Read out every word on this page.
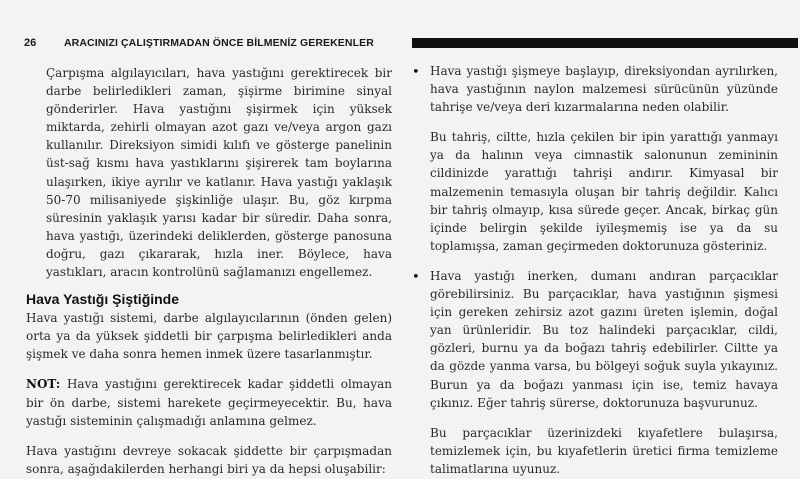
26	ARACINIZI ÇALIŞTIRMADAN ÖNCE BİLMENİZ GEREKENLER

Çarpışma algılayıcıları, hava yastığını gerektirecek bir darbe belirledikleri zaman, şişirme birimine sinyal gönderirler. Hava yastığını şişirmek için yüksek miktarda, zehirli olmayan azot gazı ve/veya argon gazı kullanılır. Direksiyon simidi kılıfı ve gösterge panelinin üst-sağ kısmı hava yastıklarını şişirerek tam boylarına ulaşırken, ikiye ayrılır ve katlanır. Hava yastığı yaklaşık 50-70 milisaniyede şişkinliğe ulaşır. Bu, göz kırpma süresinin yaklaşık yarısı kadar bir süredir. Daha sonra, hava yastığı, üzerindeki deliklerden, gösterge panosuna doğru, gazı çıkararak, hızla iner. Böylece, hava yastıkları, aracın kontrolünü sağlamanızı engellemez.

Hava Yastığı Şiştiğinde

Hava yastığı sistemi, darbe algılayıcılarının (önden gelen) orta ya da yüksek şiddetli bir çarpışma belirledikleri anda şişmek ve daha sonra hemen inmek üzere tasarlanmıştır.

NOT: Hava yastığını gerektirecek kadar şiddetli olmayan bir ön darbe, sistemi harekete geçirmeyecektir. Bu, hava yastığı sisteminin çalışmadığı anlamına gelmez.

Hava yastığını devreye sokacak şiddette bir çarpışmadan sonra, aşağıdakilerden herhangi biri ya da hepsi oluşabilir:

• Hava yastığı şişmeye başlayıp, direksiyondan ayrılırken, hava yastığının naylon malzemesi sürücünün yüzünde tahrişe ve/veya deri kızarmalarına neden olabilir.

Bu tahriş, ciltte, hızla çekilen bir ipin yarattığı yanmayı ya da halının veya cimnastik salonunun zemininin cildinizde yarattığı tahrişi andırır. Kimyasal bir malzemenin temasıyla oluşan bir tahriş değildir. Kalıcı bir tahriş olmayıp, kısa sürede geçer. Ancak, birkaç gün içinde belirgin şekilde iyileşmemiş ise ya da su toplamışsa, zaman geçirmeden doktorunuza gösteriniz.

• Hava yastığı inerken, dumanı andıran parçacıklar görebilirsiniz. Bu parçacıklar, hava yastığının şişmesi için gereken zehirsiz azot gazını üreten işlemin, doğal yan ürünleridir. Bu toz halindeki parçacıklar, cildi, gözleri, burnu ya da boğazı tahriş edebilirler. Ciltte ya da gözde yanma varsa, bu bölgeyi soğuk suyla yıkayınız. Burun ya da boğazı yanması için ise, temiz havaya çıkınız. Eğer tahriş sürerse, doktorunuza başvurunuz.

Bu parçacıklar üzerinizdeki kıyafetlere bulaşırsa, temizlemek için, bu kıyafetlerin üretici firma temizleme talimatlarına uyunuz.
